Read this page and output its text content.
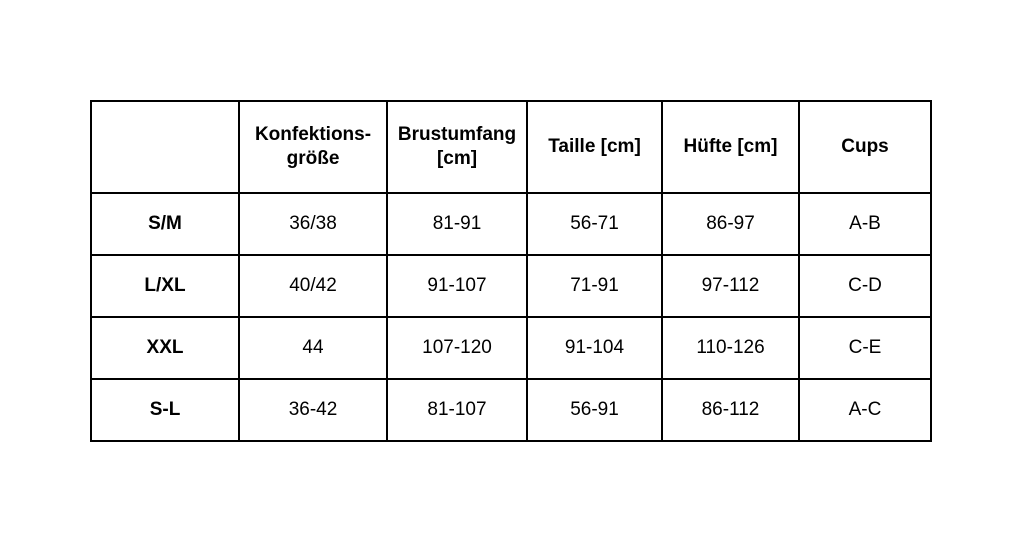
	Konfektions-größe	Brustumfang [cm]	Taille [cm]	Hüfte [cm]	Cups
S/M	36/38	81-91	56-71	86-97	A-B
L/XL	40/42	91-107	71-91	97-112	C-D
XXL	44	107-120	91-104	110-126	C-E
S-L	36-42	81-107	56-91	86-112	A-C
